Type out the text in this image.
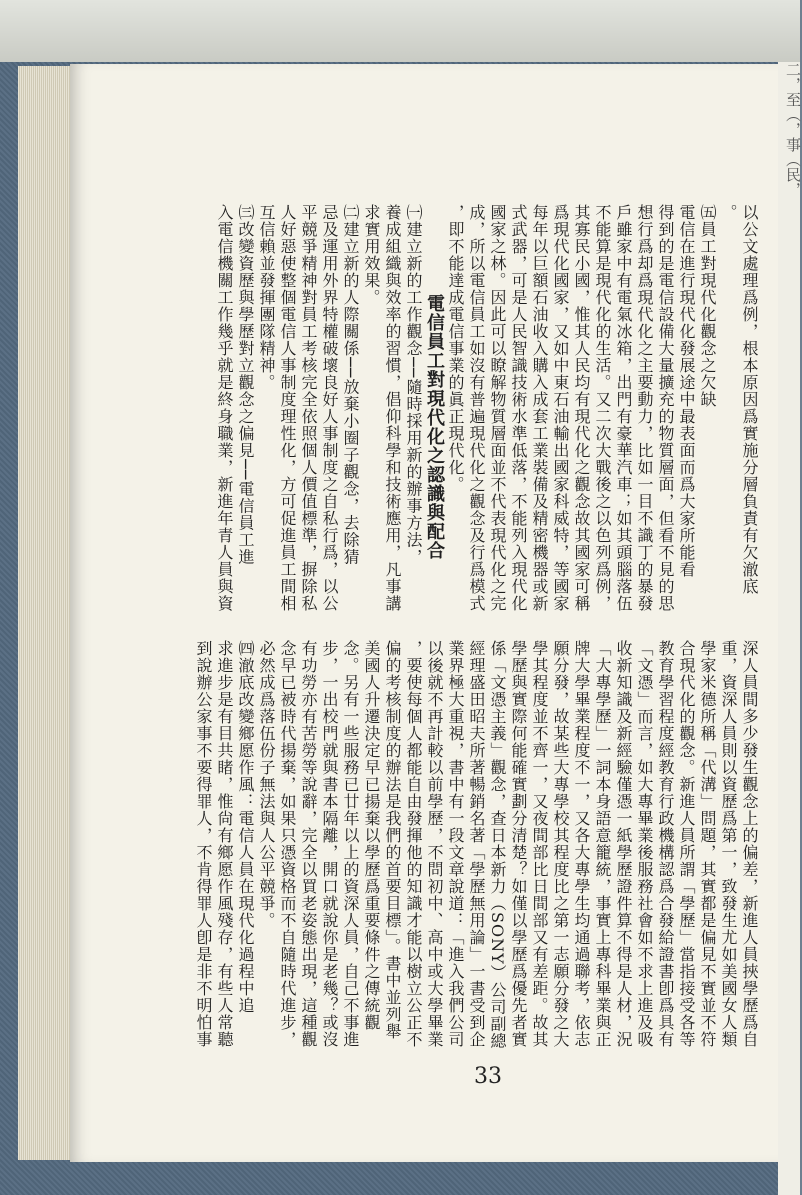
二，至（，事（民，

以公文處理爲例，根本原因爲實施分層負責有欠澈底

。

㈤員工對現代化觀念之欠缺

電信在進行現代化發展途中最表面而爲大家所能看

得到的是電信設備大量擴充的物質層面，但看不見的思

想行爲却爲現代化之主要動力，比如一目不識丁的暴發

戶雖家中有電氣冰箱，出門有豪華汽車；如其頭腦落伍

不能算是現代化的生活。又二次大戰後之以色列爲例，

其寡民小國，惟其人民均有現代化之觀念故其國家可稱

爲現代化國家，又如中東石油輸出國家科威特，等國家

每年以巨額石油收入購入成套工業裝備及精密機器或新

式武器，可是人民智識技術水準低落，不能列入現代化

國家之林。因此可以瞭解物質層面並不代表現代化之完

成，所以電信員工如沒有普遍現代化之觀念及行爲模式

，即不能達成電信事業的眞正現代化。

電信員工對現代化之認識與配合

㈠建立新的工作觀念──隨時採用新的辦事方法，

養成組織與效率的習慣，倡仰科學和技術應用，凡事講

求實用效果。

㈡建立新的人際關係──放棄小圈子觀念，去除猜

忌及運用外界特權破壞良好人事制度之自私行爲，以公

平競爭精神對員工考核完全依照個人價值標準，摒除私

人好惡使整個電信人事制度理性化，方可促進員工間相

互信賴並發揮團隊精神。

㈢改變資歷與學歷對立觀念之偏見──電信員工進

入電信機關工作幾乎就是終身職業，新進年青人員與資

深人員間多少發生觀念上的偏差，新進人員挾學歷爲自

重，資深人員則以資歷爲第一，致發生尤如美國女人類

學家米德所稱「代溝」問題，其實都是偏見不實並不符

合現代化的觀念。新進人員所謂「學歷」當指接受各等

教育學習程度經教育行政機構認爲合發給證書卽爲具有

「文憑」而言，如大專畢業後服務社會如不求上進及吸

收新知識及新經驗僅憑一紙學歷證件算不得是人材，況

「大專學歷」一詞本身語意籠統，事實上專科畢業與正

牌大學畢業程度不一，又各大專學生均通過聯考，依志

願分發，故某些大專學校其程度比之第一志願分發之大

學其程度並不齊一，又夜間部比日間部又有差距。故其

學歷與實際何能確實劃分清楚？如僅以學歷爲優先者實

係「文憑主義」觀念，查日本新力（SONY）公司副總

經理盛田昭夫所著暢銷名著「學歷無用論」一書受到企

業界極大重視，書中有一段文章說道：「進入我們公司

以後就不再計較以前學歷，不問初中、高中或大學畢業

，要使每個人都能自由發揮他的知識才能以樹立公正不

偏的考核制度的辦法是我們的首要目標」。書中並列舉

美國人升遷決定早已揚棄以學歷爲重要條件之傳統觀

念。另有一些服務已廿年以上的資深人員，自己不事進

步，一出校門就與書本隔離，開口就說你是老幾？或沒

有功勞亦有苦勞等說辭，完全以買老姿態出現，這種觀

念早已被時代揚棄，如果只憑資格而不自隨時代進步，

必然成爲落伍份子無法與人公平競爭。

㈣澈底改變鄉愿作風：電信人員在現代化過程中追

求進步是有目共睹，惟尙有鄉愿作風殘存，有些人常聽

到說辦公家事不要得罪人，不肯得罪人卽是非不明怕事

33
